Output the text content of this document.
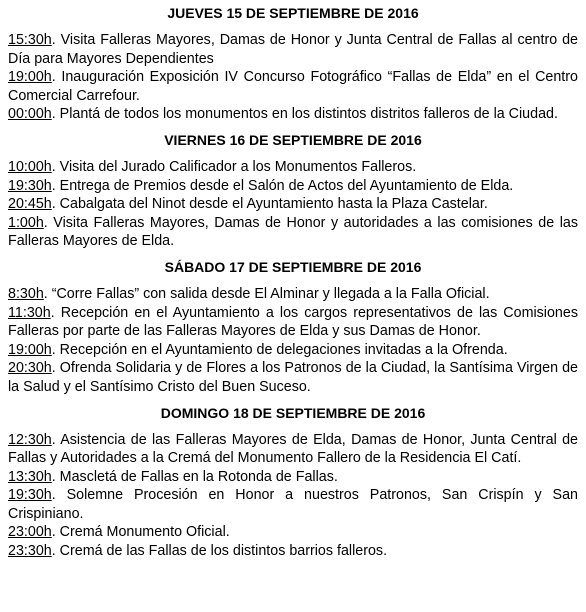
JUEVES 15 DE SEPTIEMBRE DE 2016

15:30h. Visita Falleras Mayores, Damas de Honor y Junta Central de Fallas al centro de Día para Mayores Dependientes

19:00h. Inauguración Exposición IV Concurso Fotográfico “Fallas de Elda” en el Centro Comercial Carrefour.

00:00h. Plantá de todos los monumentos en los distintos distritos falleros de la Ciudad.

VIERNES 16 DE SEPTIEMBRE DE 2016

10:00h. Visita del Jurado Calificador a los Monumentos Falleros.

19:30h. Entrega de Premios desde el Salón de Actos del Ayuntamiento de Elda.

20:45h. Cabalgata del Ninot desde el Ayuntamiento hasta la Plaza Castelar.

1:00h. Visita Falleras Mayores, Damas de Honor y autoridades a las comisiones de las Falleras Mayores de Elda.

SÁBADO 17 DE SEPTIEMBRE DE 2016

8:30h. “Corre Fallas” con salida desde El Alminar y llegada a la Falla Oficial.

11:30h. Recepción en el Ayuntamiento a los cargos representativos de las Comisiones Falleras por parte de las Falleras Mayores de Elda y sus Damas de Honor.

19:00h. Recepción en el Ayuntamiento de delegaciones invitadas a la Ofrenda.

20:30h. Ofrenda Solidaria y de Flores a los Patronos de la Ciudad, la Santísima Virgen de la Salud y el Santísimo Cristo del Buen Suceso.

DOMINGO 18 DE SEPTIEMBRE DE 2016

12:30h. Asistencia de las Falleras Mayores de Elda, Damas de Honor, Junta Central de Fallas y Autoridades a la Cremá del Monumento Fallero de la Residencia El Catí.

13:30h. Mascletá de Fallas en la Rotonda de Fallas.

19:30h. Solemne Procesión en Honor a nuestros Patronos, San Crispín y San Crispiniano.

23:00h. Cremá Monumento Oficial.

23:30h. Cremá de las Fallas de los distintos barrios falleros.
